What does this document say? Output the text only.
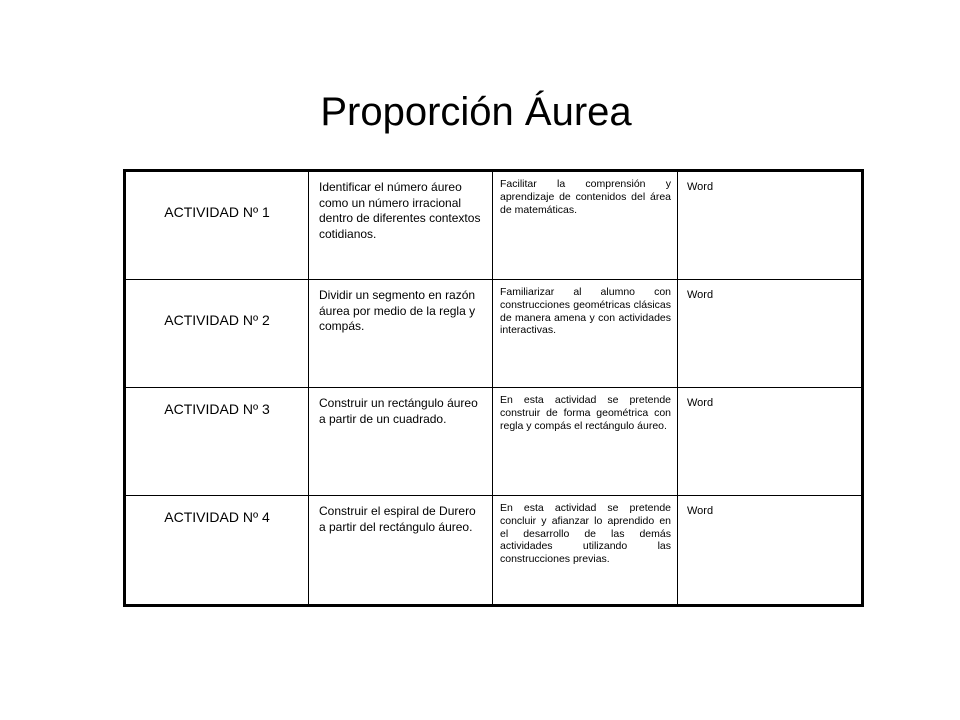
Proporción Áurea
ACTIVIDAD Nº 1	Identificar el número áureo como un número irracional dentro de diferentes contextos cotidianos.	Facilitar la comprensión y aprendizaje de contenidos del área de matemáticas.	Word

ACTIVIDAD Nº 2	Dividir un segmento en razón áurea por medio de la regla y compás.	Familiarizar al alumno con construcciones geométricas clásicas de manera amena y con actividades interactivas.	Word

ACTIVIDAD Nº 3	Construir un rectángulo áureo a partir de un cuadrado.	En esta actividad se pretende construir de forma geométrica con regla y compás el rectángulo áureo.	Word

ACTIVIDAD Nº 4	Construir el espiral de Durero a partir del rectángulo áureo.	En esta actividad se pretende concluir y afianzar lo aprendido en el desarrollo de las demás actividades utilizando las construcciones previas.	Word
